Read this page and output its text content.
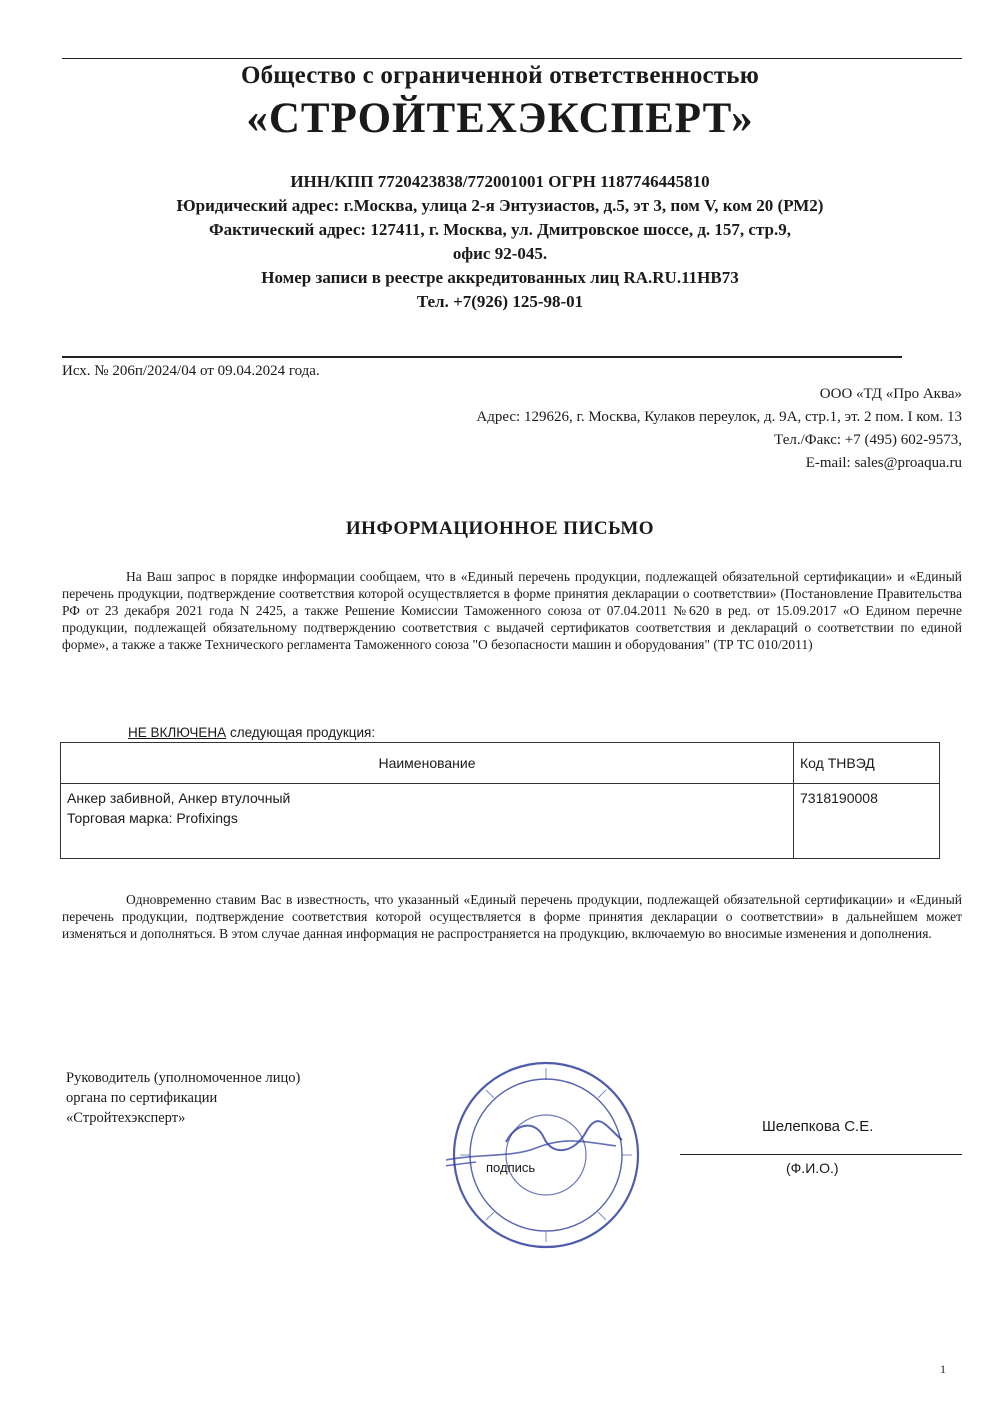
Общество с ограниченной ответственностью
«СТРОЙТЕХЭКСПЕРТ»
ИНН/КПП 7720423838/772001001 ОГРН 1187746445810
Юридический адрес: г.Москва, улица 2-я Энтузиастов, д.5, эт 3, пом V, ком 20 (РМ2)
Фактический адрес: 127411, г. Москва, ул. Дмитровское шоссе, д. 157, стр.9,
офис 92-045.
Номер записи в реестре аккредитованных лиц RA.RU.11НВ73
Тел. +7(926) 125-98-01
Исх. № 206п/2024/04 от 09.04.2024 года.
ООО «ТД «Про Аква»
Адрес: 129626, г. Москва, Кулаков переулок, д. 9А, стр.1, эт. 2 пом. I ком. 13
Тел./Факс: +7 (495) 602-9573,
E-mail: sales@proaqua.ru
ИНФОРМАЦИОННОЕ ПИСЬМО
На Ваш запрос в порядке информации сообщаем, что в «Единый перечень продукции, подлежащей обязательной сертификации» и «Единый перечень продукции, подтверждение соответствия которой осуществляется в форме принятия декларации о соответствии» (Постановление Правительства РФ от 23 декабря 2021 года N 2425, а также Решение Комиссии Таможенного союза от 07.04.2011 №620 в ред. от 15.09.2017 «О Едином перечне продукции, подлежащей обязательному подтверждению соответствия с выдачей сертификатов соответствия и деклараций о соответствии по единой форме», а также а также Технического регламента Таможенного союза "О безопасности машин и оборудования" (ТР ТС 010/2011)
НЕ ВКЛЮЧЕНА следующая продукция:
Наименование	Код ТНВЭД

Анкер забивной, Анкер втулочный
Торговая марка: Profixings	7318190008
Одновременно ставим Вас в известность, что указанный «Единый перечень продукции, подлежащей обязательной сертификации» и «Единый перечень продукции, подтверждение соответствия которой осуществляется в форме принятия декларации о соответствии» в дальнейшем может изменяться и дополняться. В этом случае данная информация не распространяется на продукцию, включаемую во вносимые изменения и дополнения.
Руководитель (уполномоченное лицо)
органа по сертификации
«Стройтехэксперт»
подпись
Шелепкова С.Е.
(Ф.И.О.)
1
